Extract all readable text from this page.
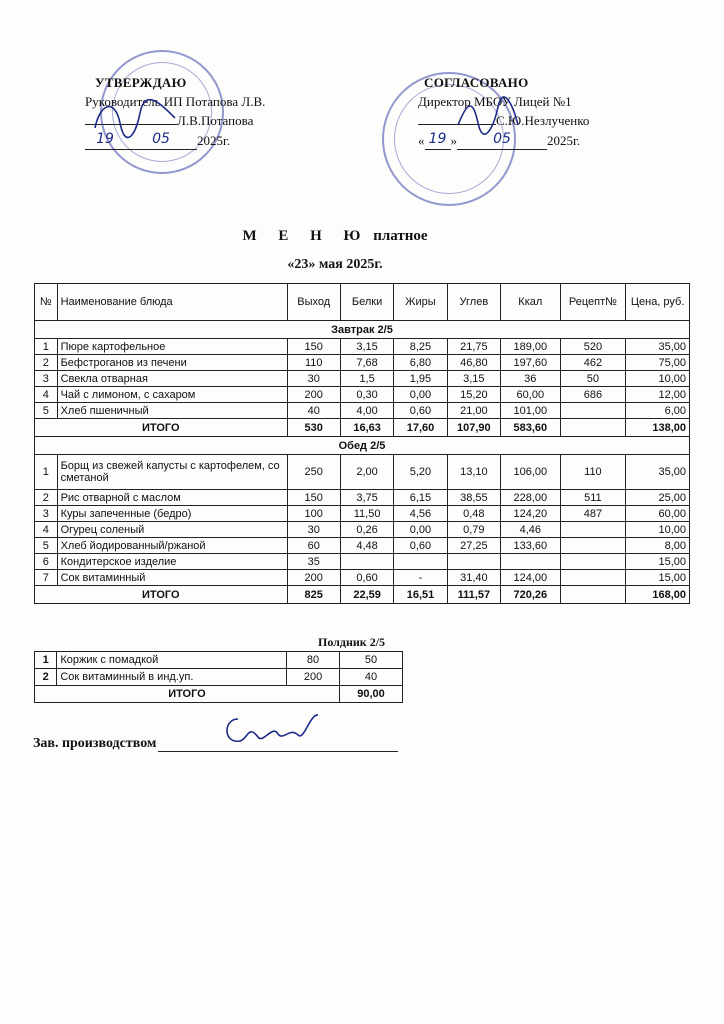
УТВЕРЖДАЮ
Руководитель ИП Потапова Л.В.
Л.В.Потапова
19	05	2025г.
СОГЛАСОВАНО
Директор МБОУ Лицей №1
С.Ю.Незлученко
« 19 »	05	2025г.
М Е Н Ю платное
«23» мая 2025г.
№	Наименование блюда	Выход	Белки	Жиры	Углев	Ккал	Рецепт№	Цена, руб.
Завтрак 2/5								
1	Пюре картофельное	150	3,15	8,25	21,75	189,00	520	35,00
2	Бефстроганов из печени	110	7,68	6,80	46,80	197,60	462	75,00
3	Свекла отварная	30	1,5	1,95	3,15	36	50	10,00
4	Чай с лимоном, с сахаром	200	0,30	0,00	15,20	60,00	686	12,00
5	Хлеб пшеничный	40	4,00	0,60	21,00	101,00		6,00
ИТОГО		530	16,63	17,60	107,90	583,60		138,00
Обед 2/5								
1	Борщ из свежей капусты с картофелем, со сметаной	250	2,00	5,20	13,10	106,00	110	35,00
2	Рис отварной с маслом	150	3,75	6,15	38,55	228,00	511	25,00
3	Куры запеченные (бедро)	100	11,50	4,56	0,48	124,20	487	60,00
4	Огурец соленый	30	0,26	0,00	0,79	4,46		10,00
5	Хлеб йодированный/ржаной	60	4,48	0,60	27,25	133,60		8,00
6	Кондитерское изделие	35						15,00
7	Сок витаминный	200	0,60	-	31,40	124,00		15,00
ИТОГО		825	22,59	16,51	111,57	720,26		168,00
Полдник 2/5
1	Коржик с помадкой	80	50
2	Сок витаминный в инд.уп.	200	40
ИТОГО			90,00
Зав. производством
